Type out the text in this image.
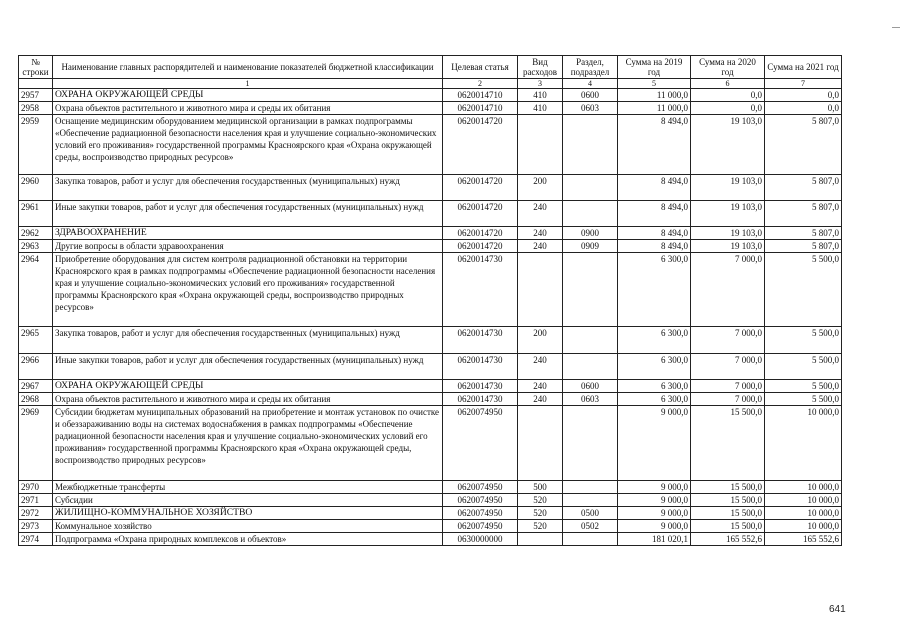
№ строки	Наименование главных распорядителей и наименование показателей бюджетной классификации	Целевая статья	Вид расходов	Раздел, подраздел	Сумма на 2019 год	Сумма на 2020 год	Сумма на 2021 год
	1	2	3	4	5	6	7
2957	ОХРАНА ОКРУЖАЮЩЕЙ СРЕДЫ	0620014710	410	0600	11 000,0	0,0	0,0
2958	Охрана объектов растительного и животного мира и среды их обитания	0620014710	410	0603	11 000,0	0,0	0,0
2959	Оснащение медицинским оборудованием медицинской организации в рамках подпрограммы «Обеспечение радиационной безопасности населения края и улучшение социально-экономических условий его проживания» государственной программы Красноярского края «Охрана окружающей среды, воспроизводство природных ресурсов»	0620014720			8 494,0	19 103,0	5 807,0
2960	Закупка товаров, работ и услуг для обеспечения государственных (муниципальных) нужд	0620014720	200		8 494,0	19 103,0	5 807,0
2961	Иные закупки товаров, работ и услуг для обеспечения государственных (муниципальных) нужд	0620014720	240		8 494,0	19 103,0	5 807,0
2962	ЗДРАВООХРАНЕНИЕ	0620014720	240	0900	8 494,0	19 103,0	5 807,0
2963	Другие вопросы в области здравоохранения	0620014720	240	0909	8 494,0	19 103,0	5 807,0
2964	Приобретение оборудования для систем контроля радиационной обстановки на территории Красноярского края в рамках подпрограммы «Обеспечение радиационной безопасности населения края и улучшение социально-экономических условий его проживания» государственной программы Красноярского края «Охрана окружающей среды, воспроизводство природных ресурсов»	0620014730			6 300,0	7 000,0	5 500,0
2965	Закупка товаров, работ и услуг для обеспечения государственных (муниципальных) нужд	0620014730	200		6 300,0	7 000,0	5 500,0
2966	Иные закупки товаров, работ и услуг для обеспечения государственных (муниципальных) нужд	0620014730	240		6 300,0	7 000,0	5 500,0
2967	ОХРАНА ОКРУЖАЮЩЕЙ СРЕДЫ	0620014730	240	0600	6 300,0	7 000,0	5 500,0
2968	Охрана объектов растительного и животного мира и среды их обитания	0620014730	240	0603	6 300,0	7 000,0	5 500,0
2969	Субсидии бюджетам муниципальных образований на приобретение и монтаж установок по очистке и обеззараживанию воды на системах водоснабжения в рамках подпрограммы «Обеспечение радиационной безопасности населения края и улучшение социально-экономических условий его проживания» государственной программы Красноярского края «Охрана окружающей среды, воспроизводство природных ресурсов»	0620074950			9 000,0	15 500,0	10 000,0
2970	Межбюджетные трансферты	0620074950	500		9 000,0	15 500,0	10 000,0
2971	Субсидии	0620074950	520		9 000,0	15 500,0	10 000,0
2972	ЖИЛИЩНО-КОММУНАЛЬНОЕ ХОЗЯЙСТВО	0620074950	520	0500	9 000,0	15 500,0	10 000,0
2973	Коммунальное хозяйство	0620074950	520	0502	9 000,0	15 500,0	10 000,0
2974	Подпрограмма «Охрана природных комплексов и объектов»	0630000000			181 020,1	165 552,6	165 552,6
641
